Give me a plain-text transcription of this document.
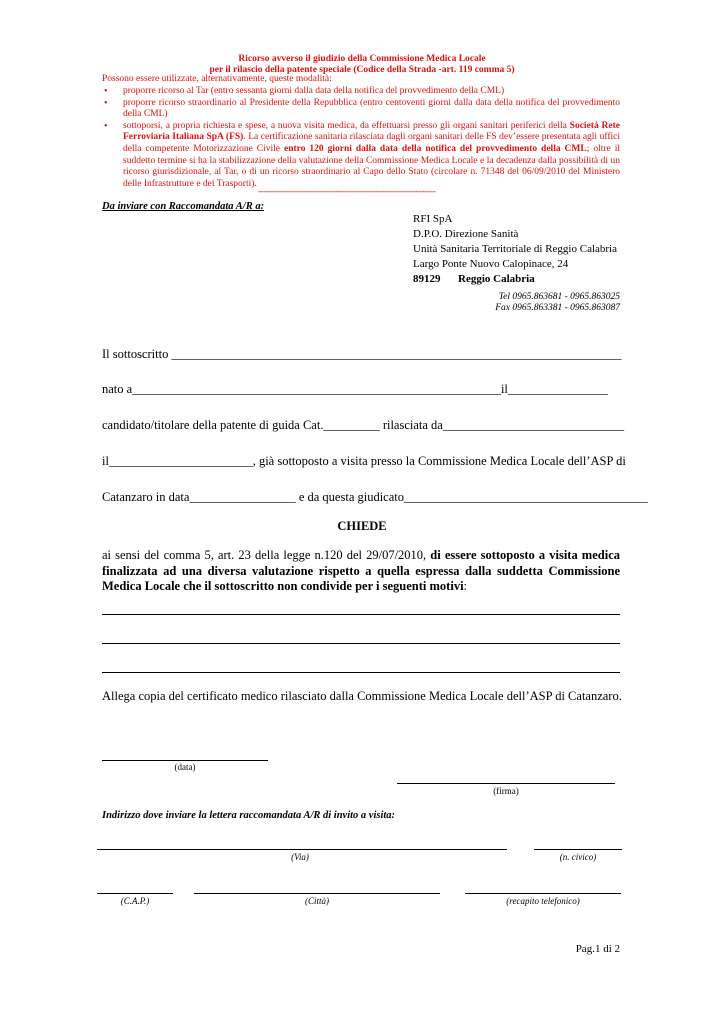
Ricorso avverso il giudizio della Commissione Medica Locale
per il rilascio della patente speciale (Codice della Strada -art. 119 comma 5)
Possono essere utilizzate, alternativamente, queste modalità:
• proporre ricorso al Tar (entro sessanta giorni dalla data della notifica del provvedimento della CML)
• proporre ricorso straordinario al Presidente della Repubblica (entro centoventi giorni dalla data della notifica del provvedimento della CML)
• sottoporsi, a propria richiesta e spese, a nuova visita medica, da effettuarsi presso gli organi sanitari periferici della Società Rete Ferroviaria Italiana SpA (FS). La certificazione sanitaria rilasciata dagli organi sanitari delle FS dev’essere presentata agli uffici della competente Motorizzazione Civile entro 120 giorni dalla data della notifica del provvedimento della CML; oltre il suddetto termine si ha la stabilizzazione della valutazione della Commissione Medica Locale e la decadenza dalla possibilità di un ricorso giurisdizionale, al Tar, o di un ricorso straordinario al Capo dello Stato (circolare n. 71348 del 06/09/2010 del Ministero delle Infrastrutture e dei Trasporti).
--------------------------------------------------------------
Da inviare con Raccomandata A/R a:
RFI SpA
D.P.O. Direzione Sanità
Unità Sanitaria Territoriale di Reggio Calabria
Largo Ponte Nuovo Calopinace, 24
89129 Reggio Calabria
Tel 0965.863681 - 0965.863025
Fax 0965.863381 - 0965.863087
Il sottoscritto ________________________________________________________________________
nato a___________________________________________________________il________________
candidato/titolare della patente di guida Cat._________ rilasciata da_____________________________
il_______________________, già sottoposto a visita presso la Commissione Medica Locale dell’ASP di
Catanzaro in data_________________ e da questa giudicato_______________________________________
CHIEDE
ai sensi del comma 5, art. 23 della legge n.120 del 29/07/2010, di essere sottoposto a visita medica finalizzata ad una diversa valutazione rispetto a quella espressa dalla suddetta Commissione Medica Locale che il sottoscritto non condivide per i seguenti motivi:
Allega copia del certificato medico rilasciato dalla Commissione Medica Locale dell’ASP di Catanzaro.
(data)
(firma)
Indirizzo dove inviare la lettera raccomandata A/R di invito a visita:
(Via)	(n. civico)
(C.A.P.)	(Città)	(recapito telefonico)
Pag.1 di 2
